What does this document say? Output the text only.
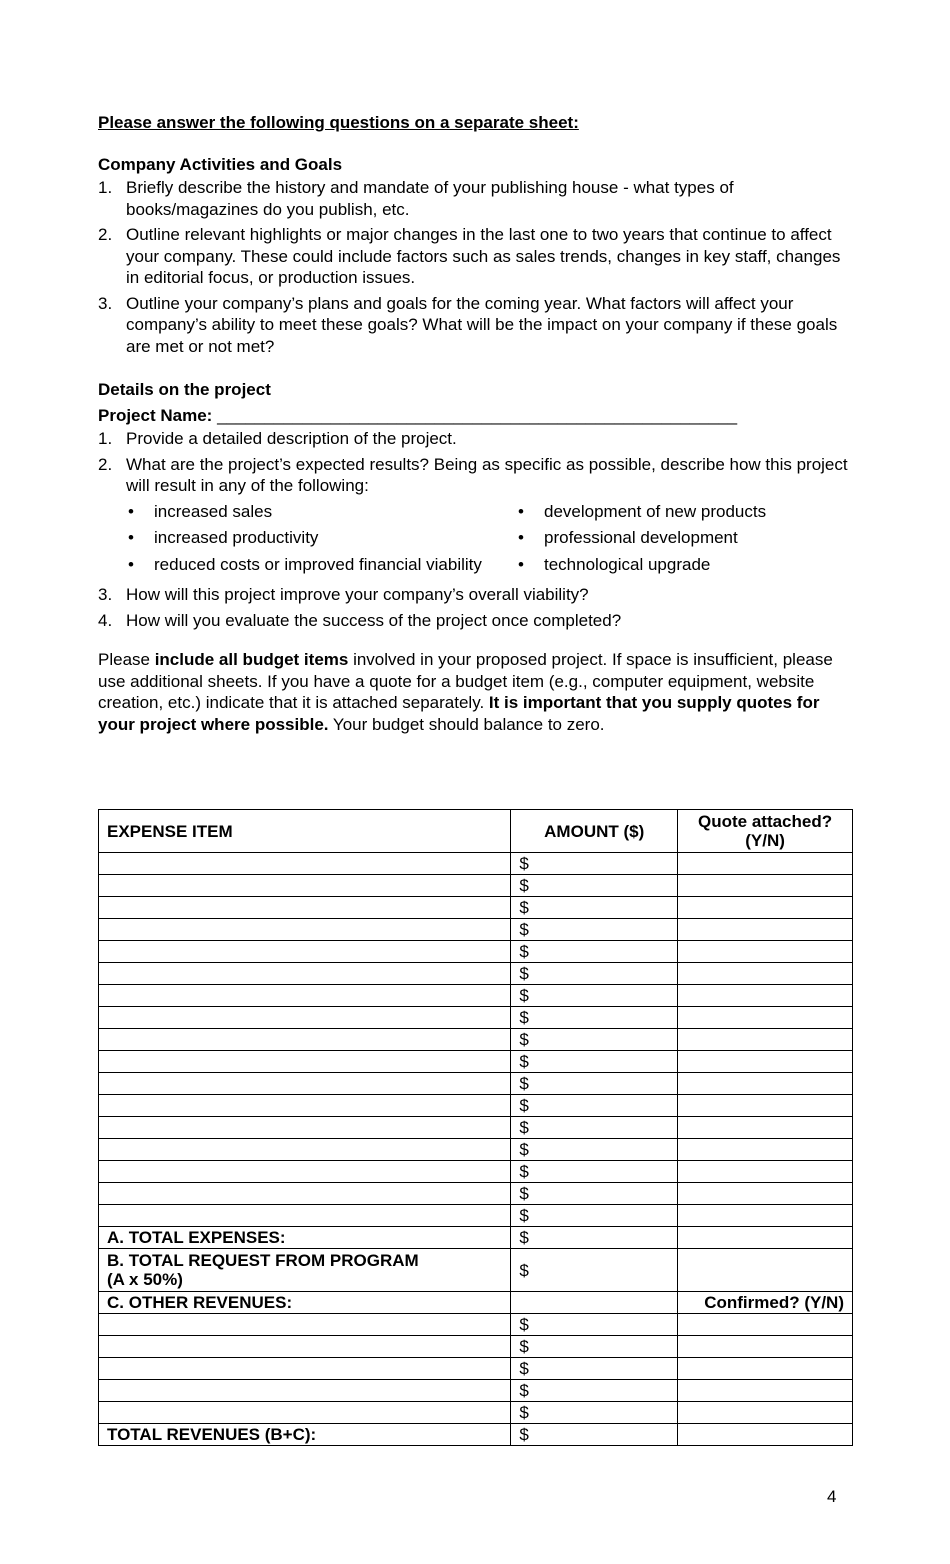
Please answer the following questions on a separate sheet:

Company Activities and Goals
1. Briefly describe the history and mandate of your publishing house - what types of books/magazines do you publish, etc.
2. Outline relevant highlights or major changes in the last one to two years that continue to affect your company. These could include factors such as sales trends, changes in key staff, changes in editorial focus, or production issues.
3. Outline your company’s plans and goals for the coming year. What factors will affect your company’s ability to meet these goals? What will be the impact on your company if these goals are met or not met?
Details on the project
Project Name: _______________________________________________________
1. Provide a detailed description of the project.
2. What are the project’s expected results? Being as specific as possible, describe how this project will result in any of the following:
• increased sales	• development of new products
• increased productivity	• professional development
• reduced costs or improved financial viability	• technological upgrade
3. How will this project improve your company’s overall viability?
4. How will you evaluate the success of the project once completed?

Please include all budget items involved in your proposed project. If space is insufficient, please use additional sheets. If you have a quote for a budget item (e.g., computer equipment, website creation, etc.) indicate that it is attached separately. It is important that you supply quotes for your project where possible. Your budget should balance to zero.

EXPENSE ITEM	AMOUNT ($)	Quote attached? (Y/N)
	$	
	$	
	$	
	$	
	$	
	$	
	$	
	$	
	$	
	$	
	$	
	$	
	$	
	$	
	$	
	$	
	$	
A. TOTAL EXPENSES:	$	
B. TOTAL REQUEST FROM PROGRAM
(A x 50%)	$	
C. OTHER REVENUES:		Confirmed? (Y/N)
	$	
	$	
	$	
	$	
	$	
TOTAL REVENUES (B+C):	$	
4
